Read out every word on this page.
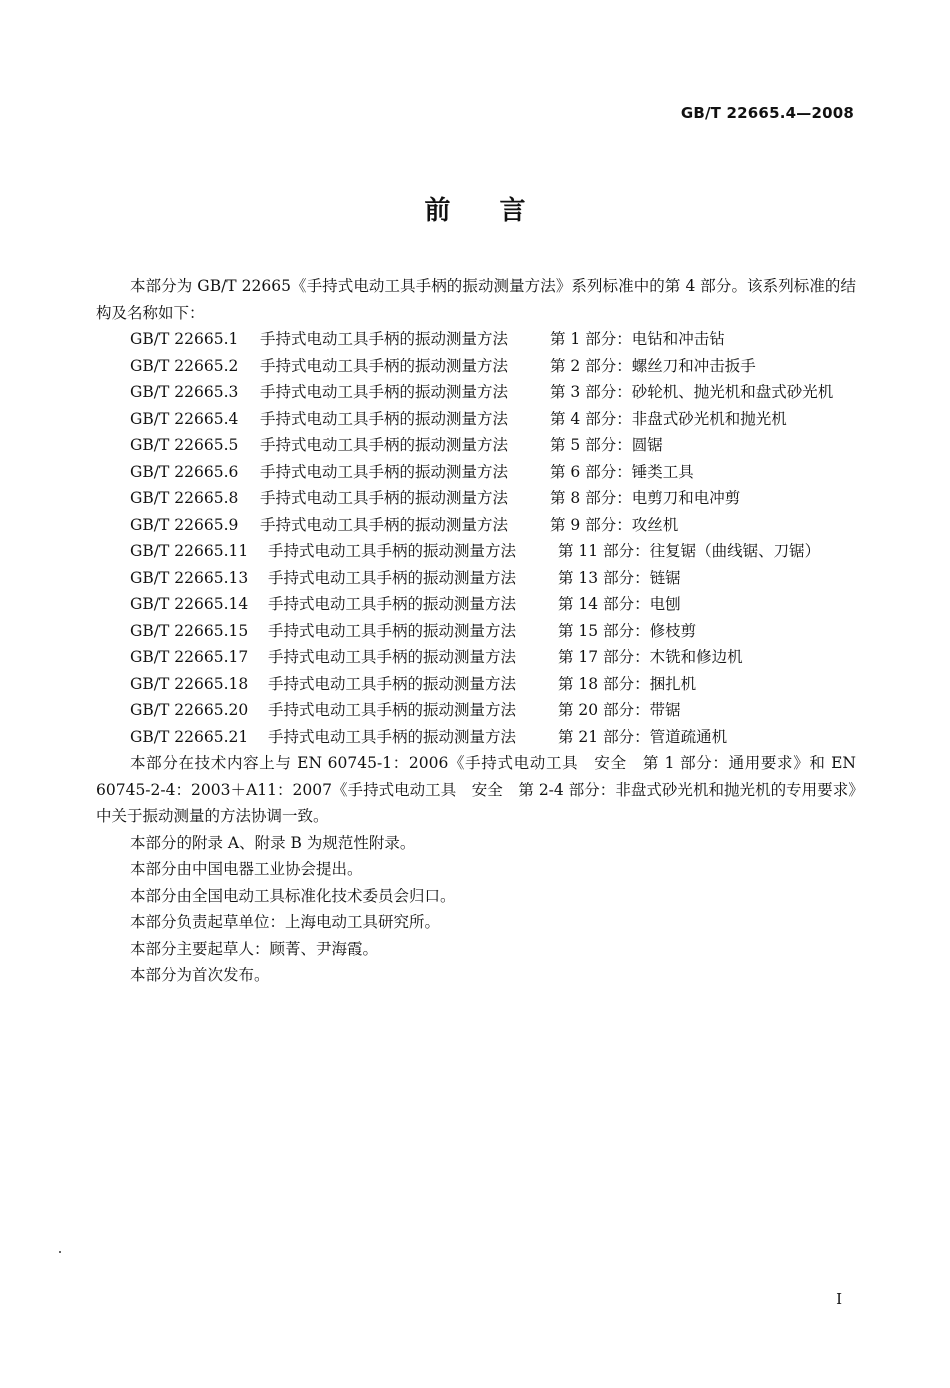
GB/T 22665.4—2008
前 言

本部分为 GB/T 22665《手持式电动工具手柄的振动测量方法》系列标准中的第 4 部分。该系列标准的结构及名称如下：

GB/T 22665.1	手持式电动工具手柄的振动测量方法	第 1 部分：电钻和冲击钻
GB/T 22665.2	手持式电动工具手柄的振动测量方法	第 2 部分：螺丝刀和冲击扳手
GB/T 22665.3	手持式电动工具手柄的振动测量方法	第 3 部分：砂轮机、抛光机和盘式砂光机
GB/T 22665.4	手持式电动工具手柄的振动测量方法	第 4 部分：非盘式砂光机和抛光机
GB/T 22665.5	手持式电动工具手柄的振动测量方法	第 5 部分：圆锯
GB/T 22665.6	手持式电动工具手柄的振动测量方法	第 6 部分：锤类工具
GB/T 22665.8	手持式电动工具手柄的振动测量方法	第 8 部分：电剪刀和电冲剪
GB/T 22665.9	手持式电动工具手柄的振动测量方法	第 9 部分：攻丝机
GB/T 22665.11	手持式电动工具手柄的振动测量方法	第 11 部分：往复锯（曲线锯、刀锯）
GB/T 22665.13	手持式电动工具手柄的振动测量方法	第 13 部分：链锯
GB/T 22665.14	手持式电动工具手柄的振动测量方法	第 14 部分：电刨
GB/T 22665.15	手持式电动工具手柄的振动测量方法	第 15 部分：修枝剪
GB/T 22665.17	手持式电动工具手柄的振动测量方法	第 17 部分：木铣和修边机
GB/T 22665.18	手持式电动工具手柄的振动测量方法	第 18 部分：捆扎机
GB/T 22665.20	手持式电动工具手柄的振动测量方法	第 20 部分：带锯
GB/T 22665.21	手持式电动工具手柄的振动测量方法	第 21 部分：管道疏通机

本部分在技术内容上与 EN 60745-1：2006《手持式电动工具　安全　第 1 部分：通用要求》和 EN 60745-2-4：2003＋A11：2007《手持式电动工具　安全　第 2-4 部分：非盘式砂光机和抛光机的专用要求》中关于振动测量的方法协调一致。

本部分的附录 A、附录 B 为规范性附录。

本部分由中国电器工业协会提出。

本部分由全国电动工具标准化技术委员会归口。

本部分负责起草单位：上海电动工具研究所。

本部分主要起草人：顾菁、尹海霞。

本部分为首次发布。

I
